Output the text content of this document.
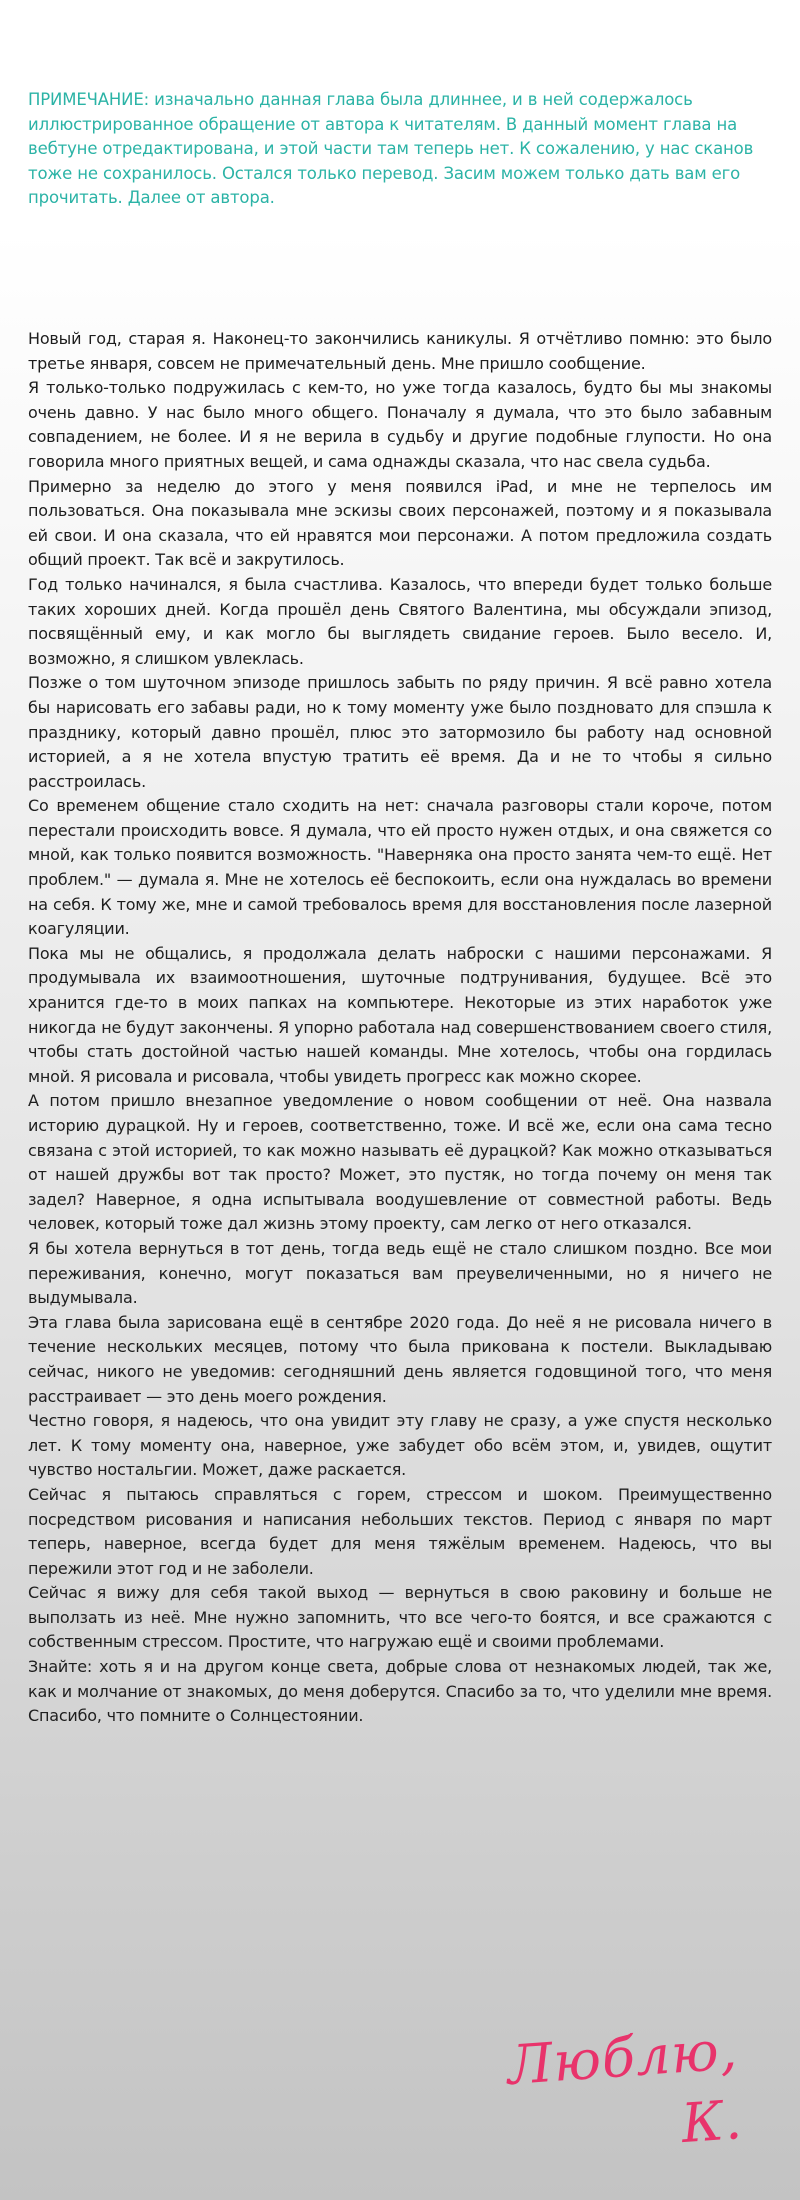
ПРИМЕЧАНИЕ: изначально данная глава была длиннее, и в ней содержалось иллюстрированное обращение от автора к читателям. В данный момент глава на вебтуне отредактирована, и этой части там теперь нет. К сожалению, у нас сканов тоже не сохранилось. Остался только перевод. Засим можем только дать вам его прочитать. Далее от автора.

Новый год, старая я. Наконец-то закончились каникулы. Я отчётливо помню: это было третье января, совсем не примечательный день. Мне пришло сообщение.

Я только-только подружилась с кем-то, но уже тогда казалось, будто бы мы знакомы очень давно. У нас было много общего. Поначалу я думала, что это было забавным совпадением, не более. И я не верила в судьбу и другие подобные глупости. Но она говорила много приятных вещей, и сама однажды сказала, что нас свела судьба.

Примерно за неделю до этого у меня появился iPad, и мне не терпелось им пользоваться. Она показывала мне эскизы своих персонажей, поэтому и я показывала ей свои. И она сказала, что ей нравятся мои персонажи. А потом предложила создать общий проект. Так всё и закрутилось.

Год только начинался, я была счастлива. Казалось, что впереди будет только больше таких хороших дней. Когда прошёл день Святого Валентина, мы обсуждали эпизод, посвящённый ему, и как могло бы выглядеть свидание героев. Было весело. И, возможно, я слишком увлеклась.

Позже о том шуточном эпизоде пришлось забыть по ряду причин. Я всё равно хотела бы нарисовать его забавы ради, но к тому моменту уже было поздновато для спэшла к празднику, который давно прошёл, плюс это затормозило бы работу над основной историей, а я не хотела впустую тратить её время. Да и не то чтобы я сильно расстроилась.

Со временем общение стало сходить на нет: сначала разговоры стали короче, потом перестали происходить вовсе. Я думала, что ей просто нужен отдых, и она свяжется со мной, как только появится возможность. "Наверняка она просто занята чем-то ещё. Нет проблем." — думала я. Мне не хотелось её беспокоить, если она нуждалась во времени на себя. К тому же, мне и самой требовалось время для восстановления после лазерной коагуляции.

Пока мы не общались, я продолжала делать наброски с нашими персонажами. Я продумывала их взаимоотношения, шуточные подтрунивания, будущее. Всё это хранится где-то в моих папках на компьютере. Некоторые из этих наработок уже никогда не будут закончены. Я упорно работала над совершенствованием своего стиля, чтобы стать достойной частью нашей команды. Мне хотелось, чтобы она гордилась мной. Я рисовала и рисовала, чтобы увидеть прогресс как можно скорее.

А потом пришло внезапное уведомление о новом сообщении от неё. Она назвала историю дурацкой. Ну и героев, соответственно, тоже. И всё же, если она сама тесно связана с этой историей, то как можно называть её дурацкой? Как можно отказываться от нашей дружбы вот так просто? Может, это пустяк, но тогда почему он меня так задел? Наверное, я одна испытывала воодушевление от совместной работы. Ведь человек, который тоже дал жизнь этому проекту, сам легко от него отказался.

Я бы хотела вернуться в тот день, тогда ведь ещё не стало слишком поздно. Все мои переживания, конечно, могут показаться вам преувеличенными, но я ничего не выдумывала.

Эта глава была зарисована ещё в сентябре 2020 года. До неё я не рисовала ничего в течение нескольких месяцев, потому что была прикована к постели. Выкладываю сейчас, никого не уведомив: сегодняшний день является годовщиной того, что меня расстраивает — это день моего рождения.

Честно говоря, я надеюсь, что она увидит эту главу не сразу, а уже спустя несколько лет. К тому моменту она, наверное, уже забудет обо всём этом, и, увидев, ощутит чувство ностальгии. Может, даже раскается.

Сейчас я пытаюсь справляться с горем, стрессом и шоком. Преимущественно посредством рисования и написания небольших текстов. Период с января по март теперь, наверное, всегда будет для меня тяжёлым временем. Надеюсь, что вы пережили этот год и не заболели.

Сейчас я вижу для себя такой выход — вернуться в свою раковину и больше не выползать из неё. Мне нужно запомнить, что все чего-то боятся, и все сражаются с собственным стрессом. Простите, что нагружаю ещё и своими проблемами.

Знайте: хоть я и на другом конце света, добрые слова от незнакомых людей, так же, как и молчание от знакомых, до меня доберутся. Спасибо за то, что уделили мне время. Спасибо, что помните о Солнцестоянии.

Люблю, К.
